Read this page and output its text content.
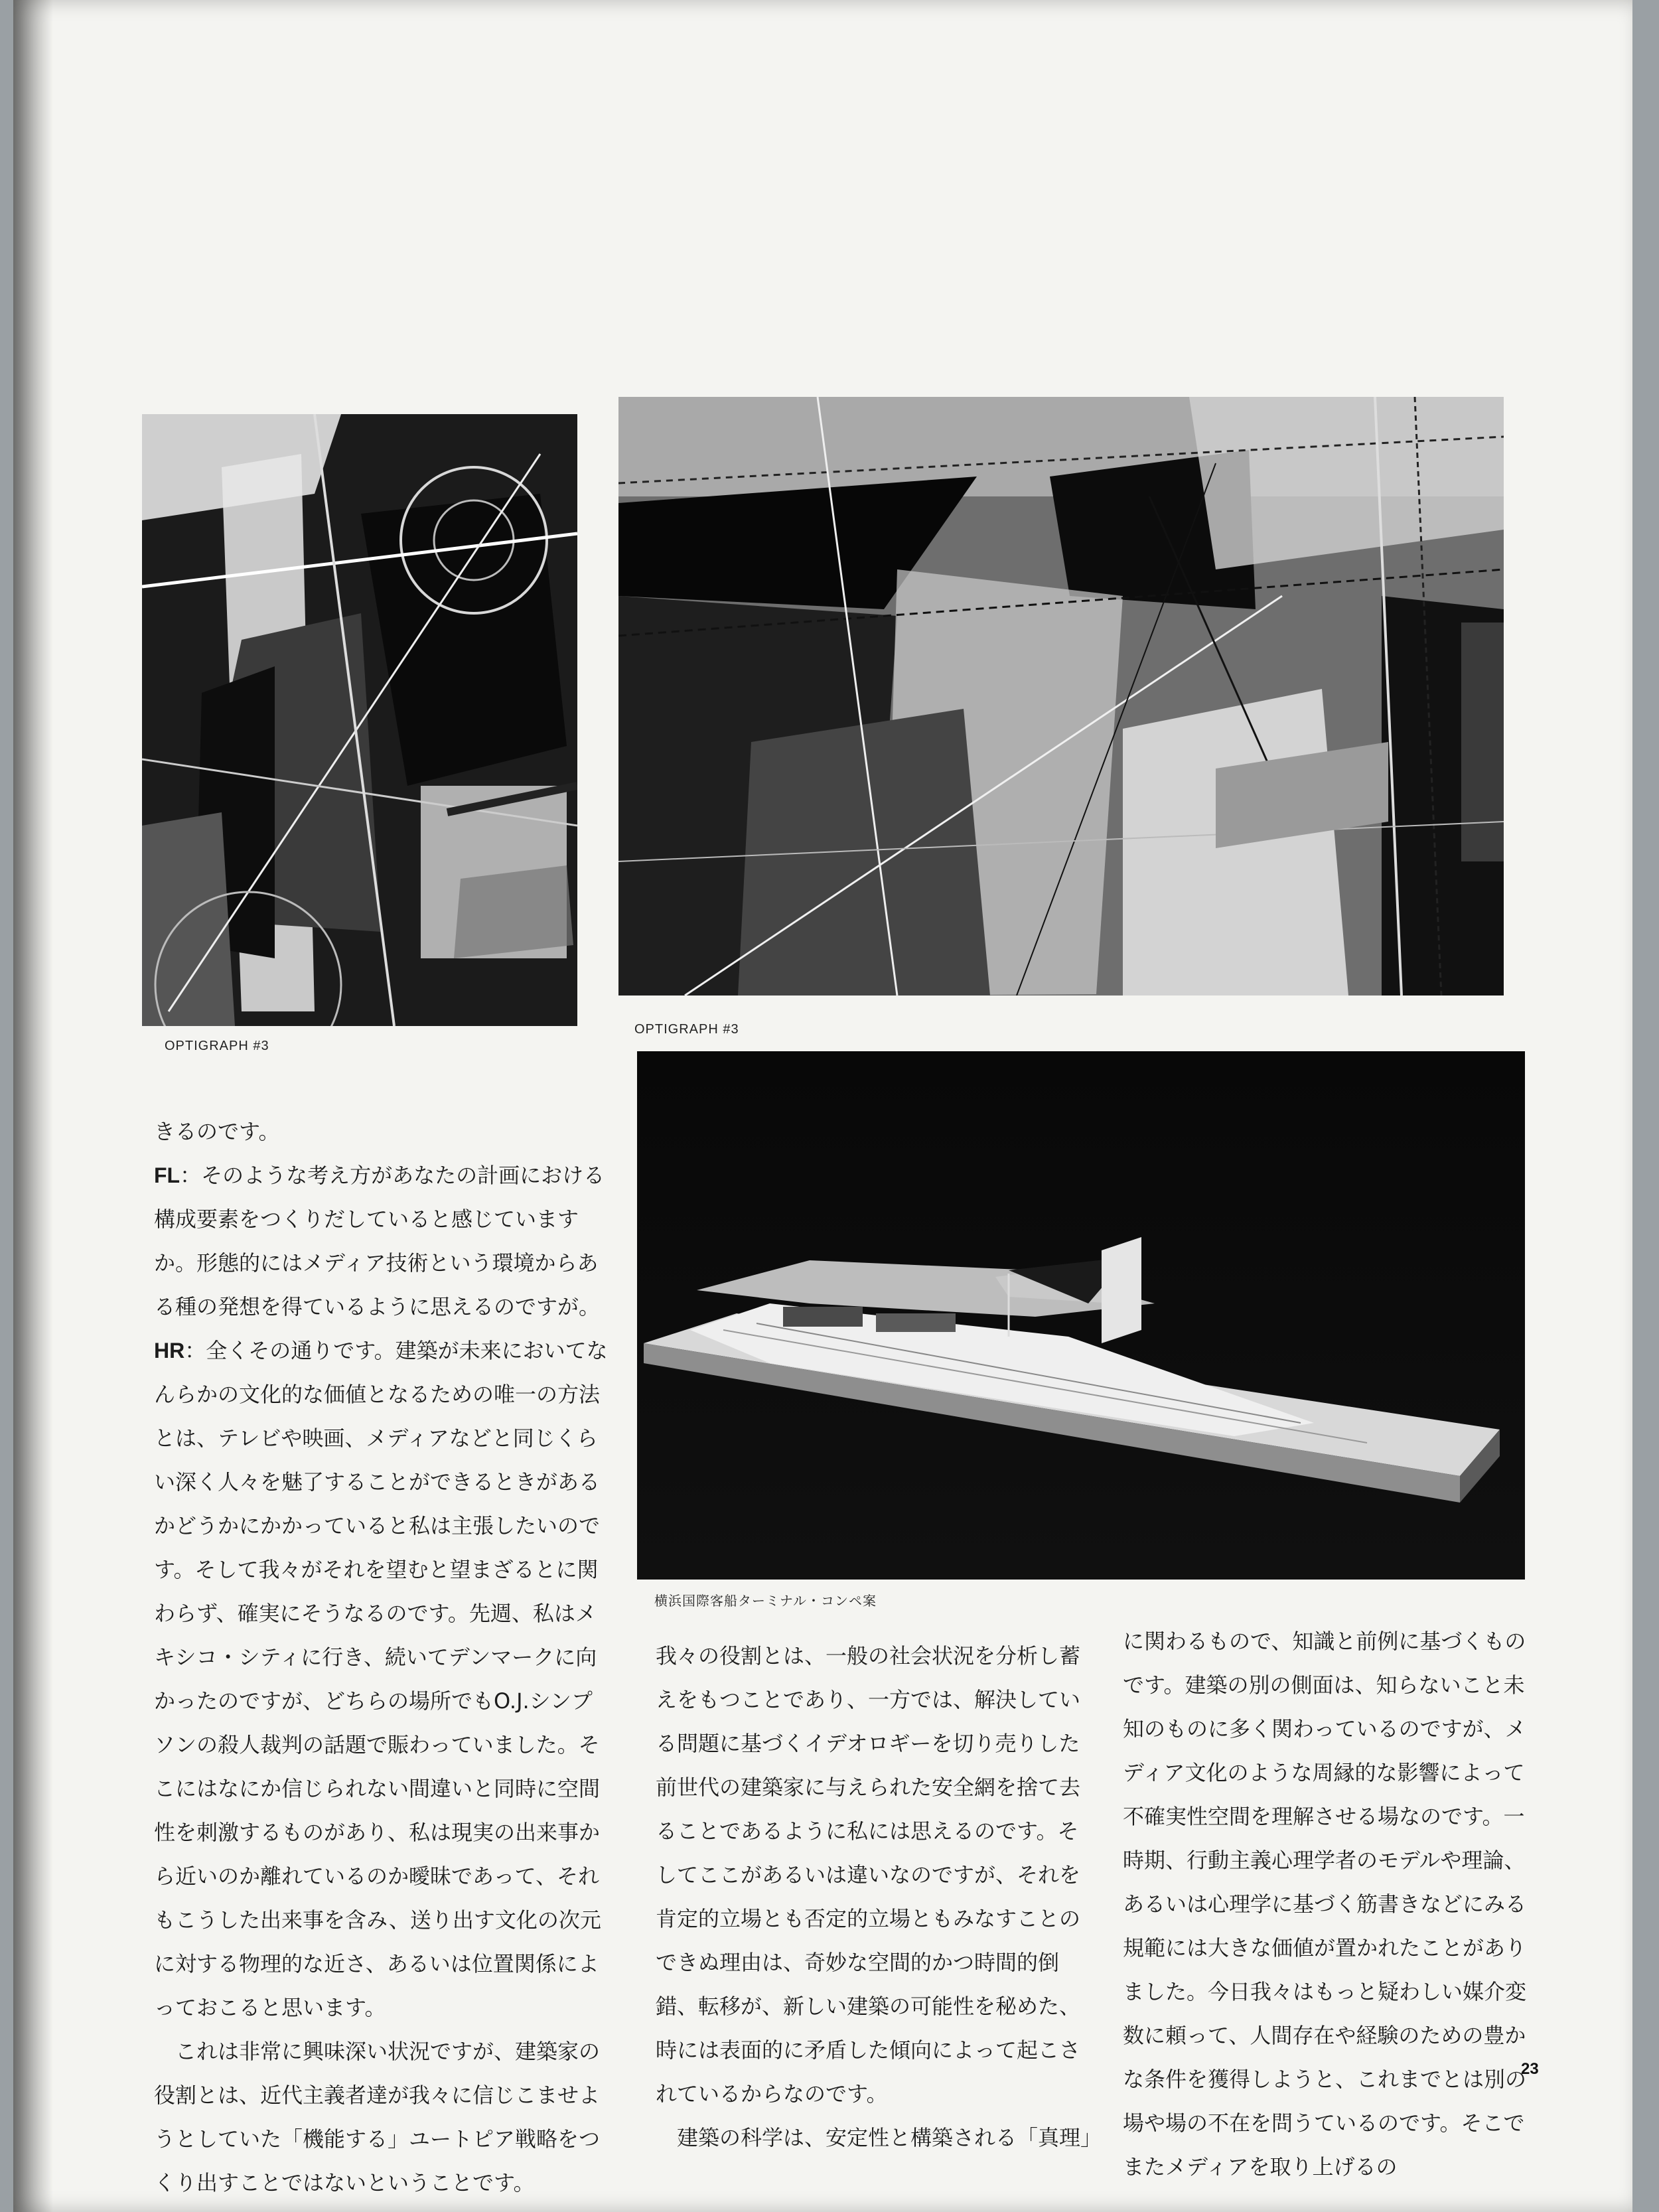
OPTIGRAPH #3
OPTIGRAPH #3
横浜国際客船ターミナル・コンペ案

きるのです。

FL：そのような考え方があなたの計画における構成要素をつくりだしていると感じていますか。形態的にはメディア技術という環境からある種の発想を得ているように思えるのですが。

HR：全くその通りです。建築が未来においてなんらかの文化的な価値となるための唯一の方法とは、テレビや映画、メディアなどと同じくらい深く人々を魅了することができるときがあるかどうかにかかっていると私は主張したいのです。そして我々がそれを望むと望まざるとに関わらず、確実にそうなるのです。先週、私はメキシコ・シティに行き、続いてデンマークに向かったのですが、どちらの場所でもO.J.シンプソンの殺人裁判の話題で賑わっていました。そこにはなにか信じられない間違いと同時に空間性を刺激するものがあり、私は現実の出来事から近いのか離れているのか曖昧であって、それもこうした出来事を含み、送り出す文化の次元に対する物理的な近さ、あるいは位置関係によっておこると思います。

これは非常に興味深い状況ですが、建築家の役割とは、近代主義者達が我々に信じこませようとしていた「機能する」ユートピア戦略をつくり出すことではないということです。

我々の役割とは、一般の社会状況を分析し蓄えをもつことであり、一方では、解決している問題に基づくイデオロギーを切り売りした前世代の建築家に与えられた安全網を捨て去ることであるように私には思えるのです。そしてここがあるいは違いなのですが、それを肯定的立場とも否定的立場ともみなすことのできぬ理由は、奇妙な空間的かつ時間的倒錯、転移が、新しい建築の可能性を秘めた、時には表面的に矛盾した傾向によって起こされているからなのです。

建築の科学は、安定性と構築される「真理」

に関わるもので、知識と前例に基づくものです。建築の別の側面は、知らないこと未知のものに多く関わっているのですが、メディア文化のような周縁的な影響によって不確実性空間を理解させる場なのです。一時期、行動主義心理学者のモデルや理論、あるいは心理学に基づく筋書きなどにみる規範には大きな価値が置かれたことがありました。今日我々はもっと疑わしい媒介変数に頼って、人間存在や経験のための豊かな条件を獲得しようと、これまでとは別の場や場の不在を問うているのです。そこでまたメディアを取り上げるの

23
